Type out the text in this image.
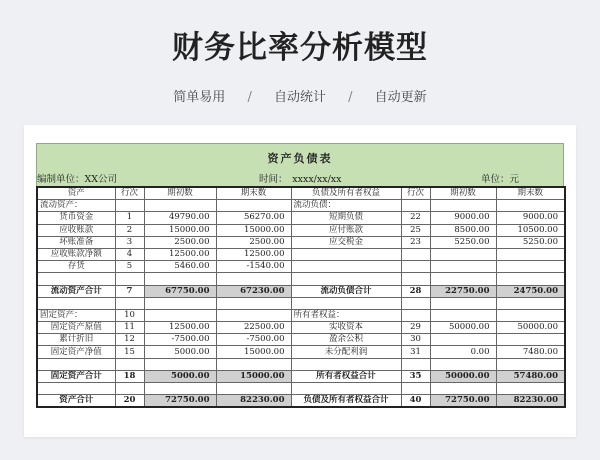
财务比率分析模型
简单易用 / 自动统计 / 自动更新
资产负债表
编制单位：XX公司	时间：　xxxx/xx/xx	单位：元
资产	行次	期初数	期末数	负债及所有者权益	行次	期初数	期末数
流动资产：				流动负债：			
货币资金	1	49790.00	56270.00	短期负债	22	9000.00	9000.00
应收账款	2	15000.00	15000.00	应付账款	25	8500.00	10500.00
坏账准备	3	2500.00	2500.00	应交税金	23	5250.00	5250.00
应收账款净额	4	12500.00	12500.00				
存货	5	5460.00	-1540.00				

流动资产合计	7	67750.00	67230.00	流动负债合计	28	22750.00	24750.00

固定资产：	10			所有者权益：			
固定资产原值	11	12500.00	22500.00	实收资本	29	50000.00	50000.00
累计折旧	12	-7500.00	-7500.00	盈余公积	30		
固定资产净值	15	5000.00	15000.00	未分配利润	31	0.00	7480.00

固定资产合计	18	5000.00	15000.00	所有者权益合计	35	50000.00	57480.00

资产合计	20	72750.00	82230.00	负债及所有者权益合计	40	72750.00	82230.00
